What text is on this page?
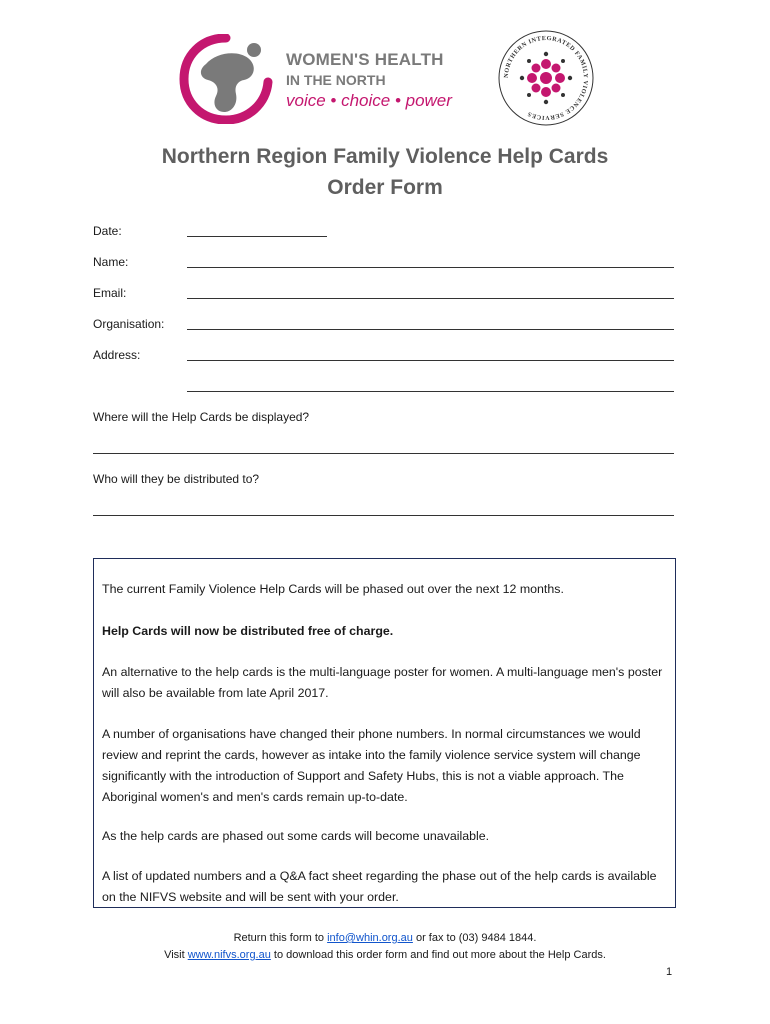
WOMEN'S HEALTH
IN THE NORTH
voice • choice • power
NORTHERN INTEGRATED FAMILY VIOLENCE SERVICES
Northern Region Family Violence Help Cards
Order Form
Date:
Name:
Email:
Organisation:
Address:
Where will the Help Cards be displayed?
Who will they be distributed to?

The current Family Violence Help Cards will be phased out over the next 12 months.

Help Cards will now be distributed free of charge.

An alternative to the help cards is the multi-language poster for women. A multi-language men's poster will also be available from late April 2017.

A number of organisations have changed their phone numbers. In normal circumstances we would review and reprint the cards, however as intake into the family violence service system will change significantly with the introduction of Support and Safety Hubs, this is not a viable approach. The Aboriginal women's and men's cards remain up-to-date.

As the help cards are phased out some cards will become unavailable.

A list of updated numbers and a Q&A fact sheet regarding the phase out of the help cards is available on the NIFVS website and will be sent with your order.

Return this form to info@whin.org.au or fax to (03) 9484 1844.
Visit www.nifvs.org.au to download this order form and find out more about the Help Cards.
1
